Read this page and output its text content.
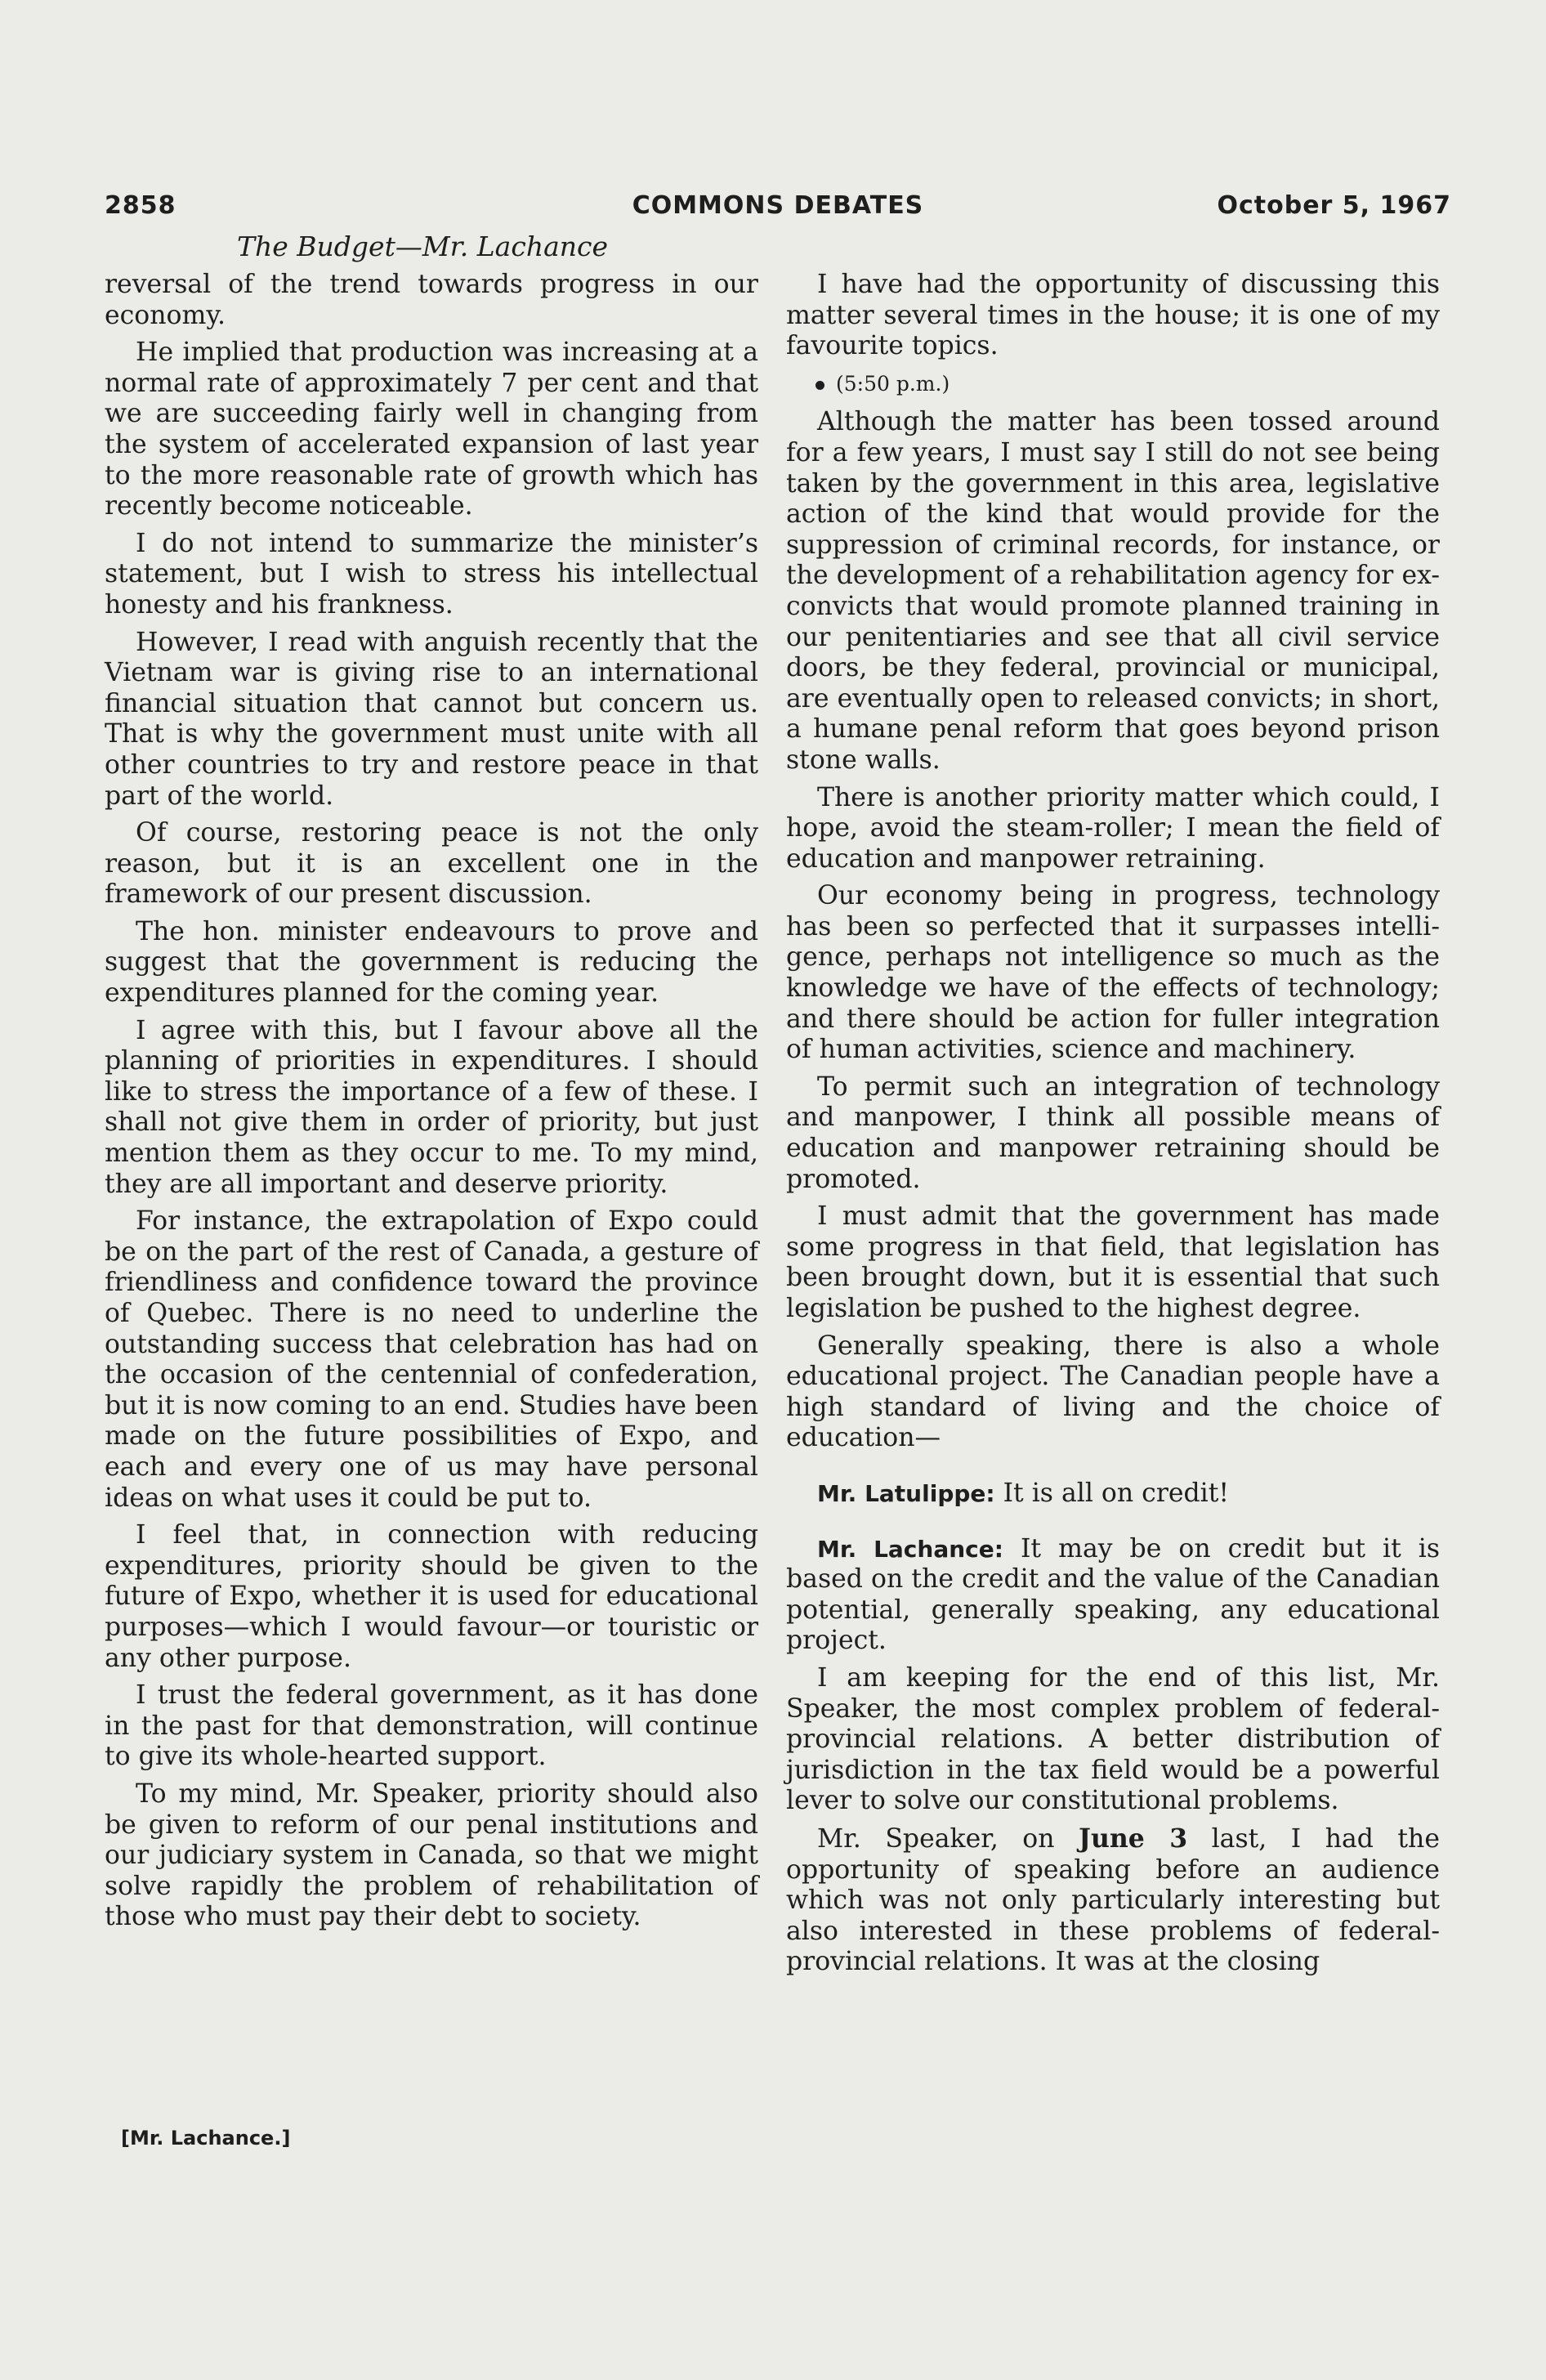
2858	COMMONS DEBATES	October 5, 1967
The Budget—Mr. Lachance

reversal of the trend towards progress in our economy.

He implied that production was increasing at a normal rate of approximately 7 per cent and that we are succeeding fairly well in changing from the system of accelerated expansion of last year to the more reasonable rate of growth which has recently become noticeable.

I do not intend to summarize the minister’s statement, but I wish to stress his intellectual honesty and his frankness.

However, I read with anguish recently that the Vietnam war is giving rise to an international financial situation that cannot but concern us. That is why the government must unite with all other countries to try and restore peace in that part of the world.

Of course, restoring peace is not the only reason, but it is an excellent one in the framework of our present discussion.

The hon. minister endeavours to prove and suggest that the government is reducing the expenditures planned for the coming year.

I agree with this, but I favour above all the planning of priorities in expenditures. I should like to stress the importance of a few of these. I shall not give them in order of priority, but just mention them as they occur to me. To my mind, they are all important and deserve priority.

For instance, the extrapolation of Expo could be on the part of the rest of Canada, a gesture of friendliness and confidence toward the province of Quebec. There is no need to underline the outstanding success that celebration has had on the occasion of the centennial of confederation, but it is now coming to an end. Studies have been made on the future possibilities of Expo, and each and every one of us may have personal ideas on what uses it could be put to.

I feel that, in connection with reducing expenditures, priority should be given to the future of Expo, whether it is used for educational purposes—which I would favour—or touristic or any other purpose.

I trust the federal government, as it has done in the past for that demonstration, will continue to give its whole-hearted support.

To my mind, Mr. Speaker, priority should also be given to reform of our penal institutions and our judiciary system in Canada, so that we might solve rapidly the problem of rehabilitation of those who must pay their debt to society.

[Mr. Lachance.]

I have had the opportunity of discussing this matter several times in the house; it is one of my favourite topics.

(5:50 p.m.)

Although the matter has been tossed around for a few years, I must say I still do not see being taken by the government in this area, legislative action of the kind that would provide for the suppression of criminal records, for instance, or the development of a rehabilitation agency for ex-convicts that would promote planned training in our penitentiaries and see that all civil service doors, be they federal, provincial or municipal, are eventually open to released convicts; in short, a humane penal reform that goes beyond prison stone walls.

There is another priority matter which could, I hope, avoid the steam-roller; I mean the field of education and manpower retraining.

Our economy being in progress, technology has been so perfected that it surpasses intelligence, perhaps not intelligence so much as the knowledge we have of the effects of technology; and there should be action for fuller integration of human activities, science and machinery.

To permit such an integration of technology and manpower, I think all possible means of education and manpower retraining should be promoted.

I must admit that the government has made some progress in that field, that legislation has been brought down, but it is essential that such legislation be pushed to the highest degree.

Generally speaking, there is also a whole educational project. The Canadian people have a high standard of living and the choice of education—

Mr. Latulippe: It is all on credit!

Mr. Lachance: It may be on credit but it is based on the credit and the value of the Canadian potential, generally speaking, any educational project.

I am keeping for the end of this list, Mr. Speaker, the most complex problem of federal-provincial relations. A better distribution of jurisdiction in the tax field would be a powerful lever to solve our constitutional problems.

Mr. Speaker, on June 3 last, I had the opportunity of speaking before an audience which was not only particularly interesting but also interested in these problems of federal-provincial relations. It was at the closing
